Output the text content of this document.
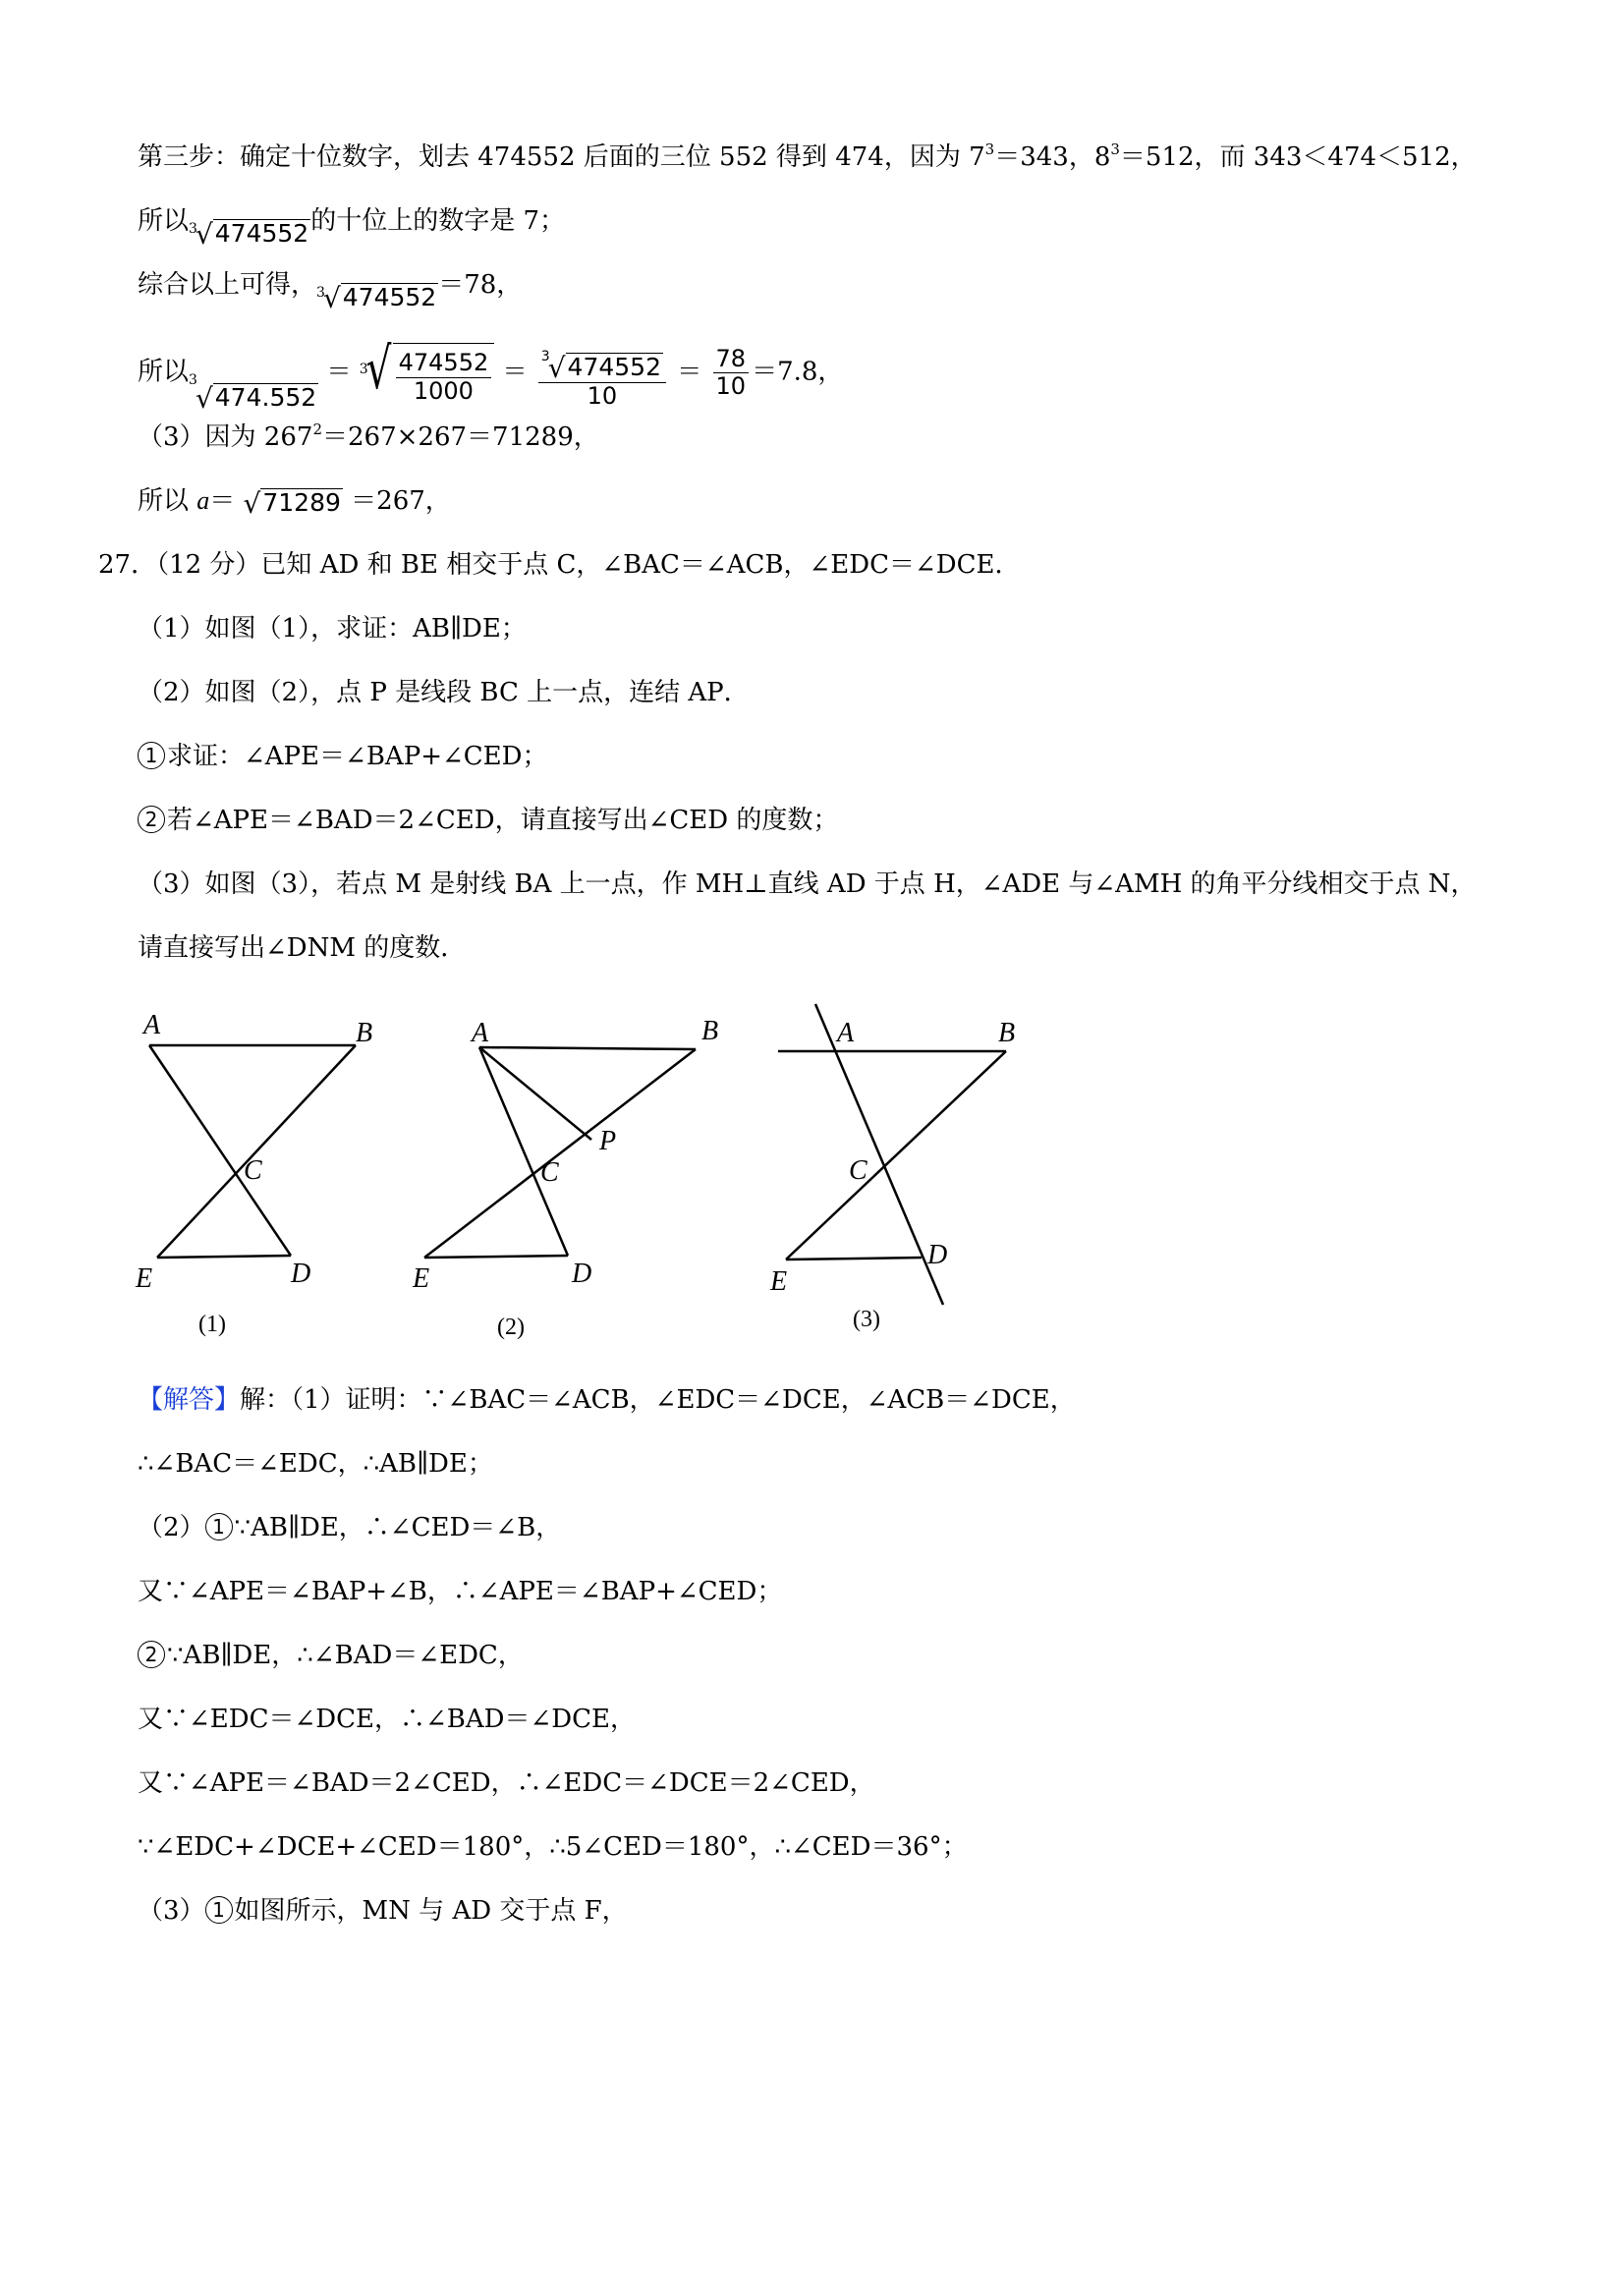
第三步：确定十位数字，划去 474552 后面的三位 552 得到 474，因为 $7^3=343$，$8^3=512$，而 343＜474＜512，
所以 3
√ 474552 的十位上的数字是 7；
综合以上可得， 3
√ 474552 ＝78，
所以 3
√ 474.552
＝ 3
√ $\frac{474552}{1000} = 3$
√ 474552
$10 = \frac{78}{10} =7.8$，
（3）因为 $267^2=267\times 267=71289$，
所以 a＝ √ 71289 ＝267，
27．（12 分）已知 AD 和 BE 相交于点 C，∠BAC＝∠ACB，∠EDC＝∠DCE．
（1）如图（1），求证：AB∥DE；
（2）如图（2），点 P 是线段 BC 上一点，连结 AP．
1 求证：∠APE＝∠BAP+∠CED；
2 若∠APE＝∠BAD＝2∠CED，请直接写出∠CED 的度数；
（3）如图（3），若点 M 是射线 BA 上一点，作 MH⊥直线 AD 于点 H，∠ADE 与∠AMH 的角平分线相交于点 N，
请直接写出∠DNM 的度数．
A	B
C
E	D
(1)
A	B
P
C
E	D
(2)
A	B
C
D
E
(3)
【解答】解：（1）证明：∵∠BAC＝∠ACB，∠EDC＝∠DCE，∠ACB＝∠DCE，
∴∠BAC＝∠EDC，∴AB∥DE；
（2） 1 ∵AB∥DE，∴∠CED＝∠B，
又∵∠APE＝∠BAP+∠B，∴∠APE＝∠BAP+∠CED；
2 ∵AB∥DE，∴∠BAD＝∠EDC，
又∵∠EDC＝∠DCE，∴∠BAD＝∠DCE，
又∵∠APE＝∠BAD＝2∠CED，∴∠EDC＝∠DCE＝2∠CED，
∵∠EDC+∠DCE+∠CED＝180°，∴5∠CED＝180°，∴∠CED＝36°；
（3） 1 如图所示，MN 与 AD 交于点 F，
